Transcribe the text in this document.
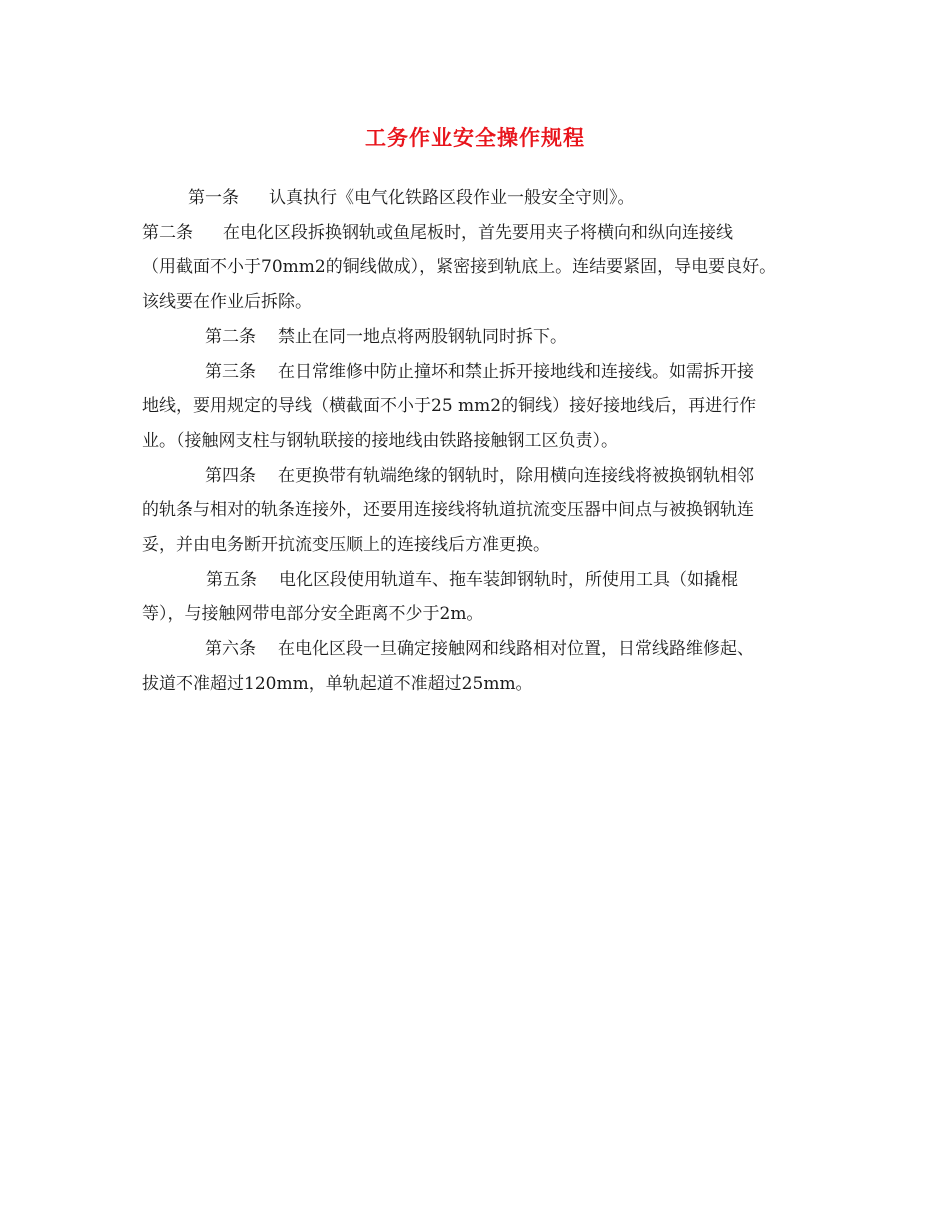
工务作业安全操作规程

第一条 认真执行《电气化铁路区段作业一般安全守则》。

第二条 在电化区段拆换钢轨或鱼尾板时，首先要用夹子将横向和纵向连接线

（用截面不小于70mm2的铜线做成），紧密接到轨底上。连结要紧固，导电要良好。

该线要在作业后拆除。

第二条 禁止在同一地点将两股钢轨同时拆下。

第三条 在日常维修中防止撞坏和禁止拆开接地线和连接线。如需拆开接

地线，要用规定的导线（横截面不小于25 mm2的铜线）接好接地线后，再进行作

业。（接触网支柱与钢轨联接的接地线由铁路接触钢工区负责）。

第四条 在更换带有轨端绝缘的钢轨时，除用横向连接线将被换钢轨相邻

的轨条与相对的轨条连接外，还要用连接线将轨道抗流变压器中间点与被换钢轨连

妥，并由电务断开抗流变压顺上的连接线后方准更换。

第五条 电化区段使用轨道车、拖车装卸钢轨时，所使用工具（如撬棍

等），与接触网带电部分安全距离不少于2m。

第六条 在电化区段一旦确定接触网和线路相对位置，日常线路维修起、

拔道不准超过120mm，单轨起道不准超过25mm。
